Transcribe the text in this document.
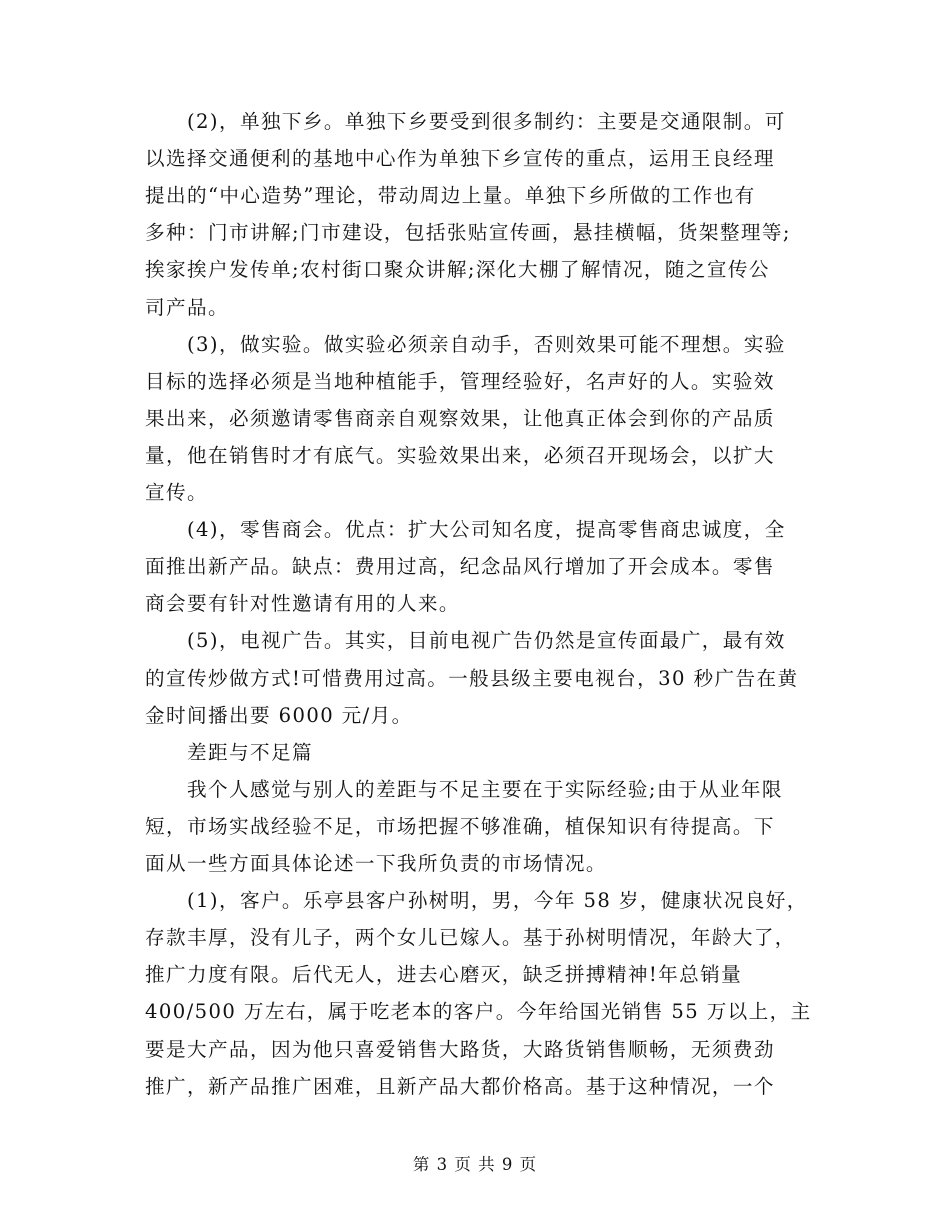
(2)，单独下乡。单独下乡要受到很多制约：主要是交通限制。可
以选择交通便利的基地中心作为单独下乡宣传的重点，运用王良经理
提出的“中心造势”理论，带动周边上量。单独下乡所做的工作也有
多种：门市讲解;门市建设，包括张贴宣传画，悬挂横幅，货架整理等;
挨家挨户发传单;农村街口聚众讲解;深化大棚了解情况，随之宣传公
司产品。
(3)，做实验。做实验必须亲自动手，否则效果可能不理想。实验
目标的选择必须是当地种植能手，管理经验好，名声好的人。实验效
果出来，必须邀请零售商亲自观察效果，让他真正体会到你的产品质
量，他在销售时才有底气。实验效果出来，必须召开现场会，以扩大
宣传。
(4)，零售商会。优点：扩大公司知名度，提高零售商忠诚度，全
面推出新产品。缺点：费用过高，纪念品风行增加了开会成本。零售
商会要有针对性邀请有用的人来。
(5)，电视广告。其实，目前电视广告仍然是宣传面最广，最有效
的宣传炒做方式!可惜费用过高。一般县级主要电视台，30 秒广告在黄
金时间播出要 6000 元/月。
差距与不足篇
我个人感觉与别人的差距与不足主要在于实际经验;由于从业年限
短，市场实战经验不足，市场把握不够准确，植保知识有待提高。下
面从一些方面具体论述一下我所负责的市场情况。
(1)，客户。乐亭县客户孙树明，男，今年 58 岁，健康状况良好，
存款丰厚，没有儿子，两个女儿已嫁人。基于孙树明情况，年龄大了，
推广力度有限。后代无人，进去心磨灭，缺乏拼搏精神!年总销量
400/500 万左右，属于吃老本的客户。今年给国光销售 55 万以上，主
要是大产品，因为他只喜爱销售大路货，大路货销售顺畅，无须费劲
推广，新产品推广困难，且新产品大都价格高。基于这种情况，一个
第 3 页 共 9 页
